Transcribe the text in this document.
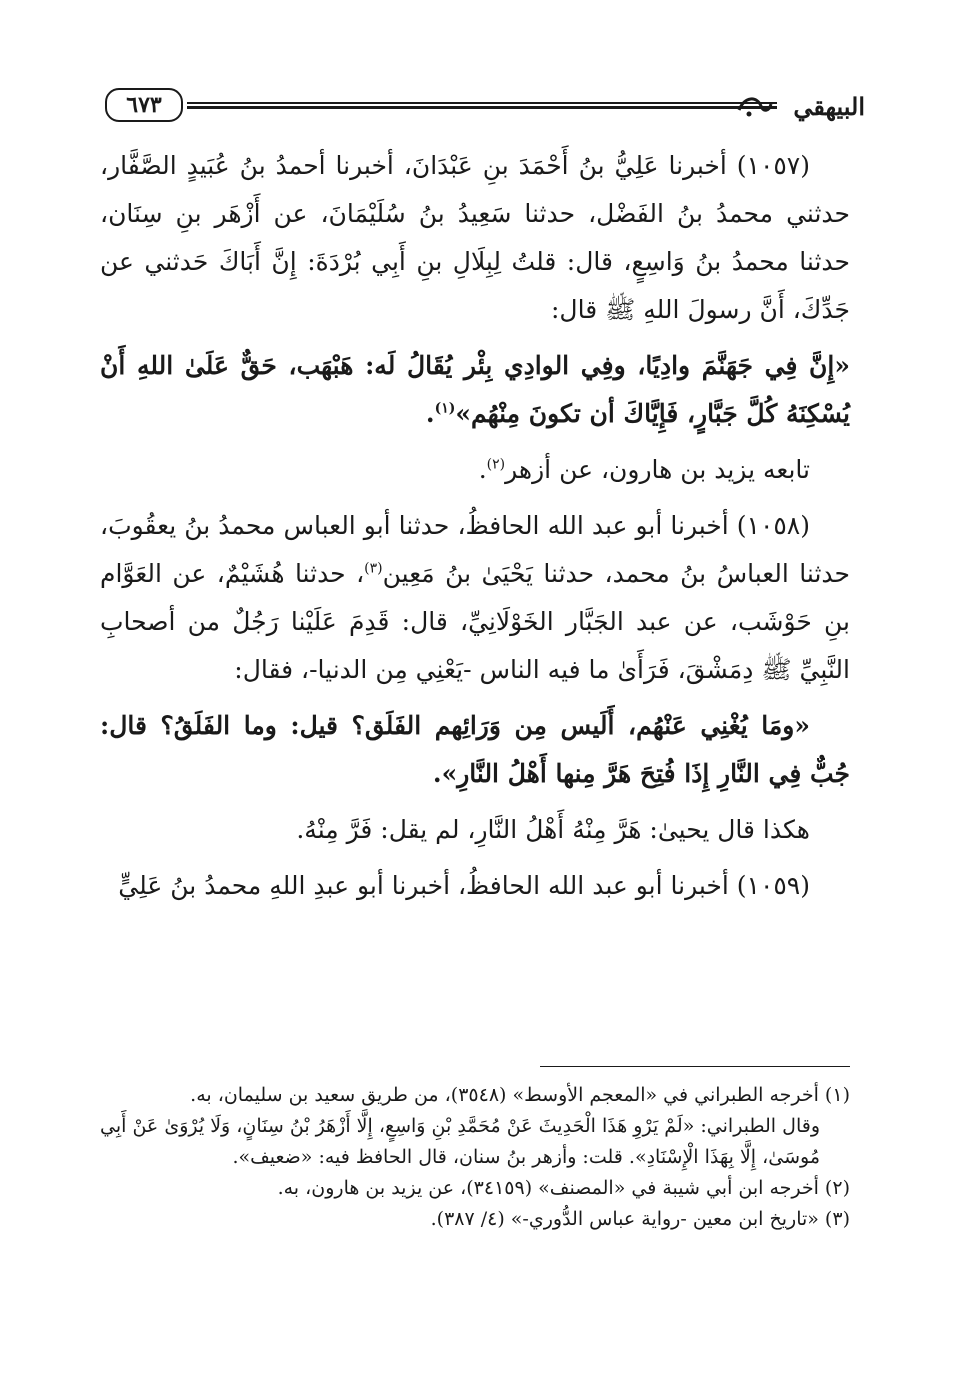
٦٧٣	البيهقي

(١٠٥٧) أخبرنا عَلِيُّ بنُ أَحْمَدَ بنِ عَبْدَانَ، أخبرنا أحمدُ بنُ عُبَيدٍ الصَّفَّار، حدثني محمدُ بنُ الفَضْل، حدثنا سَعِيدُ بنُ سُلَيْمَانَ، عن أَزْهَر بنِ سِنَان، حدثنا محمدُ بنُ وَاسِعٍ، قال: قلتُ لِبِلَالِ بنِ أَبِي بُرْدَةَ: إِنَّ أَبَاكَ حَدثني عن جَدِّكَ، أَنَّ رسولَ اللهِ ﷺ قال:

«إِنَّ فِي جَهَنَّمَ وادِيًا، وفِي الوادِي بِئْر يُقَالُ لَه: هَبْهَب، حَقٌّ عَلَىٰ اللهِ أَنْ يُسْكِنَهُ كُلَّ جَبَّارٍ، فَإِيَّاكَ أن تكونَ مِنْهُم»$^{(١)}$.

تابعه يزيد بن هارون، عن أزهر$^{(٢)}$.

(١٠٥٨) أخبرنا أبو عبد الله الحافظُ، حدثنا أبو العباس محمدُ بنُ يعقُوبَ، حدثنا العباسُ بنُ محمد، حدثنا يَحْيَىٰ بنُ مَعِين$^{(٣)}$، حدثنا هُشَيْمٌ، عن العَوَّام بنِ حَوْشَب، عن عبد الجَبَّار الخَوْلَانِيِّ، قال: قَدِمَ عَلَيْنا رَجُلٌ من أصحابِ النَّبِيِّ ﷺ دِمَشْقَ، فَرَأَىٰ ما فيه الناس -يَعْنِي مِن الدنيا-، فقال:

«ومَا يُغْنِي عَنْهُم، أَلَيس مِن وَرَائِهم الفَلَق؟ قيل: وما الفَلَقُ؟ قال: جُبٌّ فِي النَّارِ إِذَا فُتِحَ هَرَّ مِنها أَهْلُ النَّارِ».

هكذا قال يحيىٰ: هَرَّ مِنْهُ أَهْلُ النَّارِ، لم يقل: فَرَّ مِنْهُ.

(١٠٥٩) أخبرنا أبو عبد الله الحافظُ، أخبرنا أبو عبدِ اللهِ محمدُ بنُ عَلِيٍّ

(١) أخرجه الطبراني في «المعجم الأوسط» (٣٥٤٨)، من طريق سعيد بن سليمان، به.

وقال الطبراني: «لَمْ يَرْوِ هَذَا الْحَدِيثَ عَنْ مُحَمَّدِ بْنِ وَاسِعٍ، إِلَّا أَزْهَرُ بْنُ سِنَانٍ، وَلَا يُرْوَىٰ عَنْ أَبِي مُوسَىٰ، إِلَّا بِهَذَا الْإِسْنَادِ». قلت: وأزهر بنُ سنان، قال الحافظ فيه: «ضعيف».

(٢) أخرجه ابن أبي شيبة في «المصنف» (٣٤١٥٩)، عن يزيد بن هارون، به.

(٣) «تاريخ ابن معين -رواية عباس الدُّوري-» (٤/ ٣٨٧).
